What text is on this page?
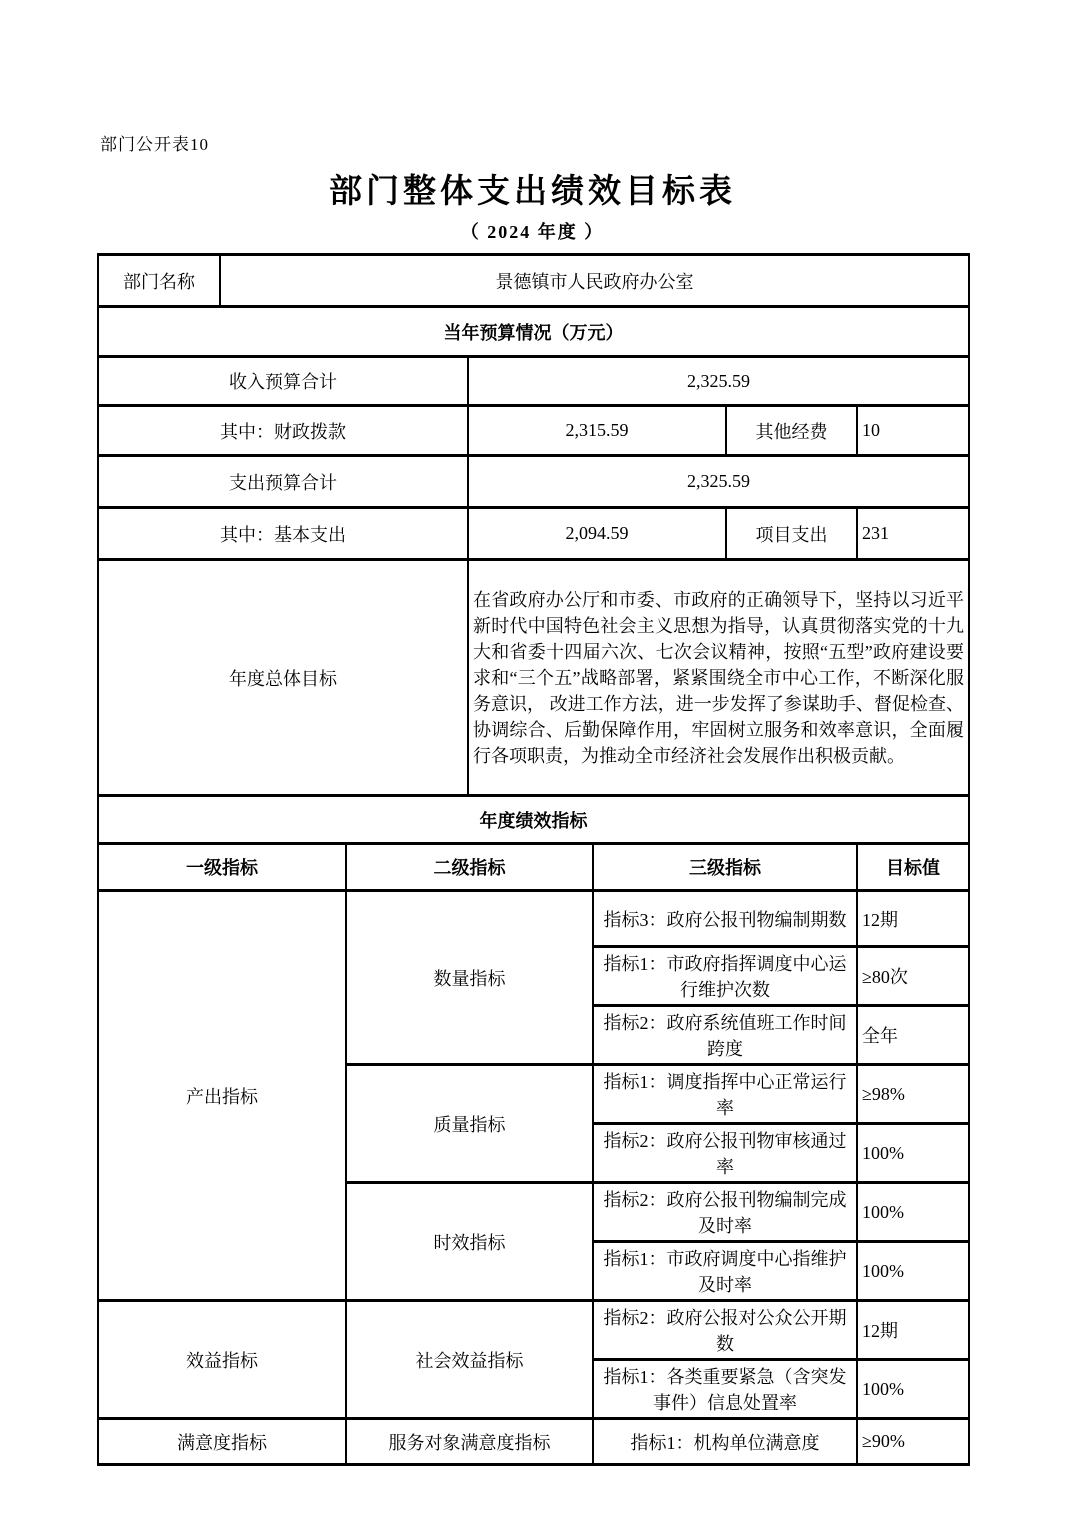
部门公开表10
部门整体支出绩效目标表
（ 2024 年度 ）
部门名称	景德镇市人民政府办公室					
当年预算情况（万元）						
收入预算合计			2,325.59			
其中：财政拨款			2,315.59		其他经费	10
支出预算合计			2,325.59			
其中：基本支出			2,094.59		项目支出	231
年度总体目标			在省政府办公厅和市委、市政府的正确领导下，坚持以习近平新时代中国特色社会主义思想为指导，认真贯彻落实党的十九大和省委十四届六次、七次会议精神，按照“五型”政府建设要求和“三个五”战略部署，紧紧围绕全市中心工作，不断深化服务意识， 改进工作方法，进一步发挥了参谋助手、督促检查、协调综合、后勤保障作用，牢固树立服务和效率意识，全面履行各项职责，为推动全市经济社会发展作出积极贡献。			
年度绩效指标						
一级指标		二级指标		三级指标		目标值
产出指标		数量指标		指标3：政府公报刊物编制期数		12期
				指标1：市政府指挥调度中心运行维护次数		≥80次
				指标2：政府系统值班工作时间跨度		全年
		质量指标		指标1：调度指挥中心正常运行率		≥98%
				指标2：政府公报刊物审核通过率		100%
		时效指标		指标2：政府公报刊物编制完成及时率		100%
				指标1：市政府调度中心指维护及时率		100%
效益指标		社会效益指标		指标2：政府公报对公众公开期数		12期
				指标1：各类重要紧急（含突发事件）信息处置率		100%
满意度指标		服务对象满意度指标		指标1：机构单位满意度		≥90%
